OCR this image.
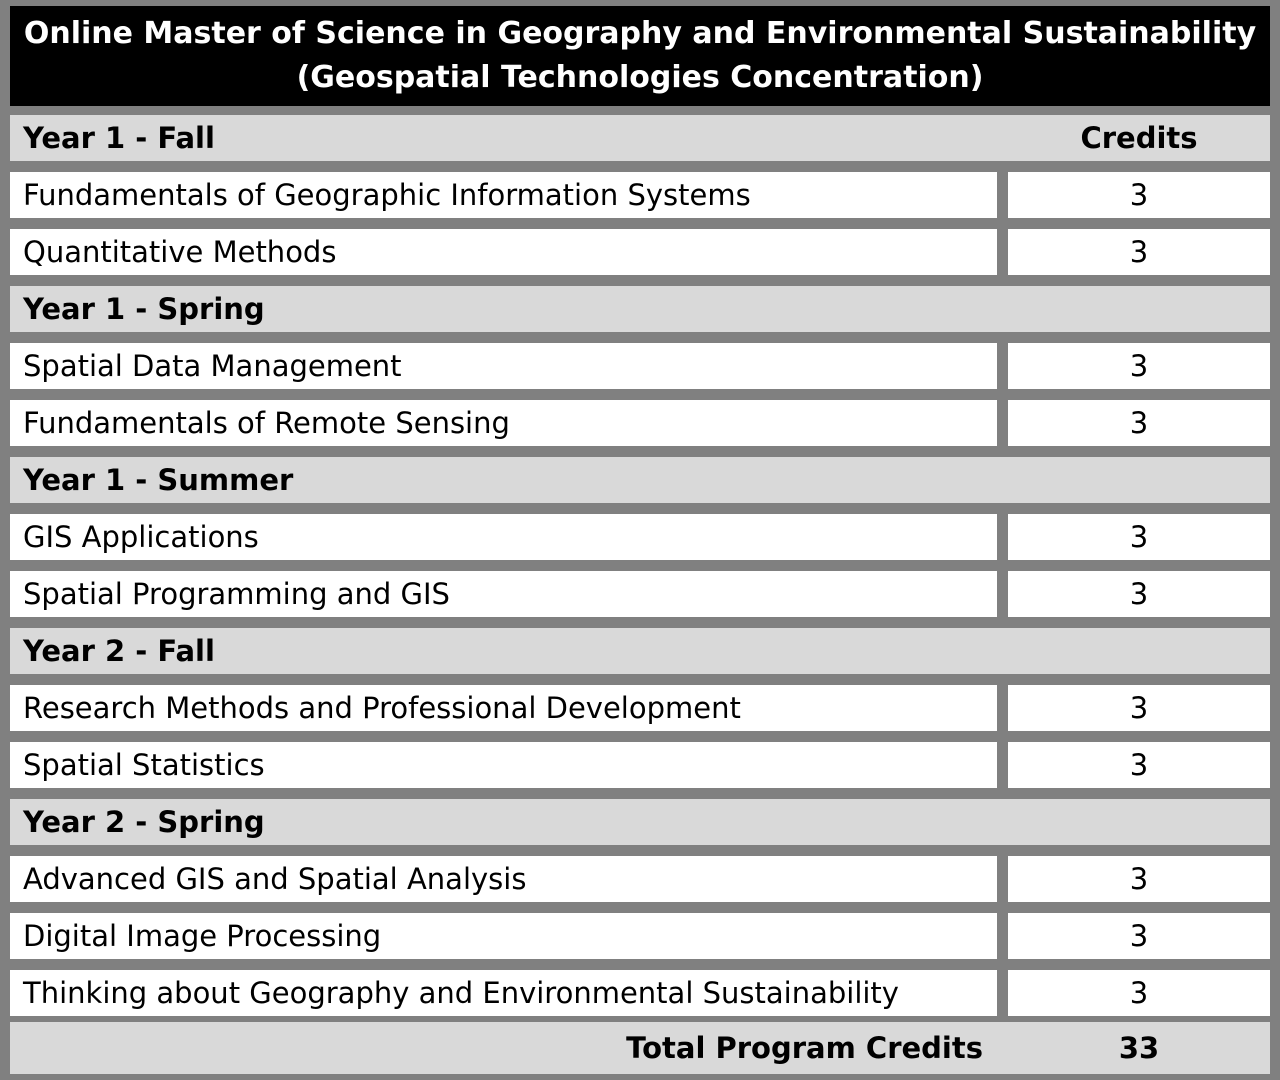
Online Master of Science in Geography and Environmental Sustainability
(Geospatial Technologies Concentration)
Year 1 - Fall	Credits
Fundamentals of Geographic Information Systems	3
Quantitative Methods	3
Year 1 - Spring
Spatial Data Management	3
Fundamentals of Remote Sensing	3
Year 1 - Summer
GIS Applications	3
Spatial Programming and GIS	3
Year 2 - Fall
Research Methods and Professional Development	3
Spatial Statistics	3
Year 2 - Spring
Advanced GIS and Spatial Analysis	3
Digital Image Processing	3
Thinking about Geography and Environmental Sustainability	3
Total Program Credits	33
